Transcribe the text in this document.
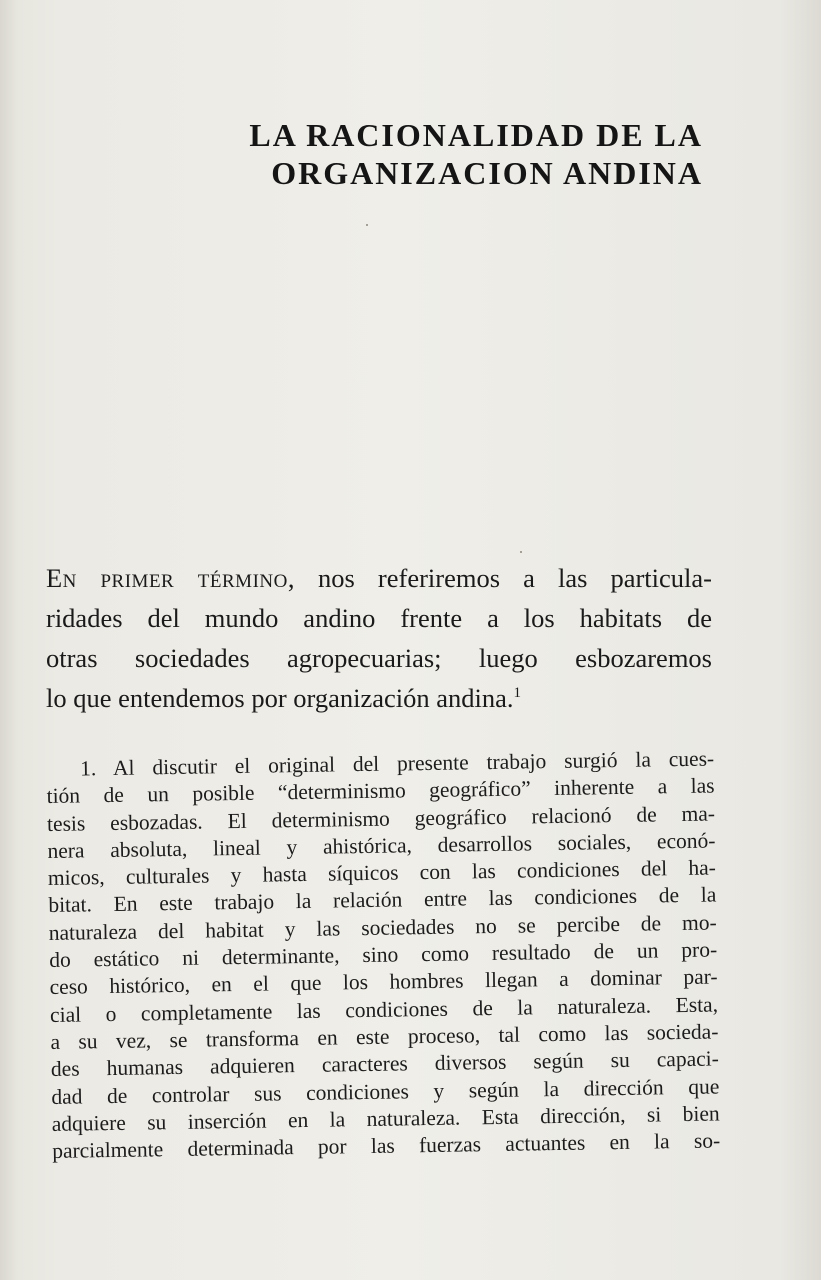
LA RACIONALIDAD DE LA
ORGANIZACION ANDINA
En primer término, nos referiremos a las particula-
ridades del mundo andino frente a los habitats de
otras sociedades agropecuarias; luego esbozaremos
lo que entendemos por organización andina.$^1$
1. Al discutir el original del presente trabajo surgió la cues-
tión de un posible “determinismo geográfico” inherente a las
tesis esbozadas. El determinismo geográfico relacionó de ma-
nera absoluta, lineal y ahistórica, desarrollos sociales, econó-
micos, culturales y hasta síquicos con las condiciones del ha-
bitat. En este trabajo la relación entre las condiciones de la
naturaleza del habitat y las sociedades no se percibe de mo-
do estático ni determinante, sino como resultado de un pro-
ceso histórico, en el que los hombres llegan a dominar par-
cial o completamente las condiciones de la naturaleza. Esta,
a su vez, se transforma en este proceso, tal como las socieda-
des humanas adquieren caracteres diversos según su capaci-
dad de controlar sus condiciones y según la dirección que
adquiere su inserción en la naturaleza. Esta dirección, si bien
parcialmente determinada por las fuerzas actuantes en la so-
